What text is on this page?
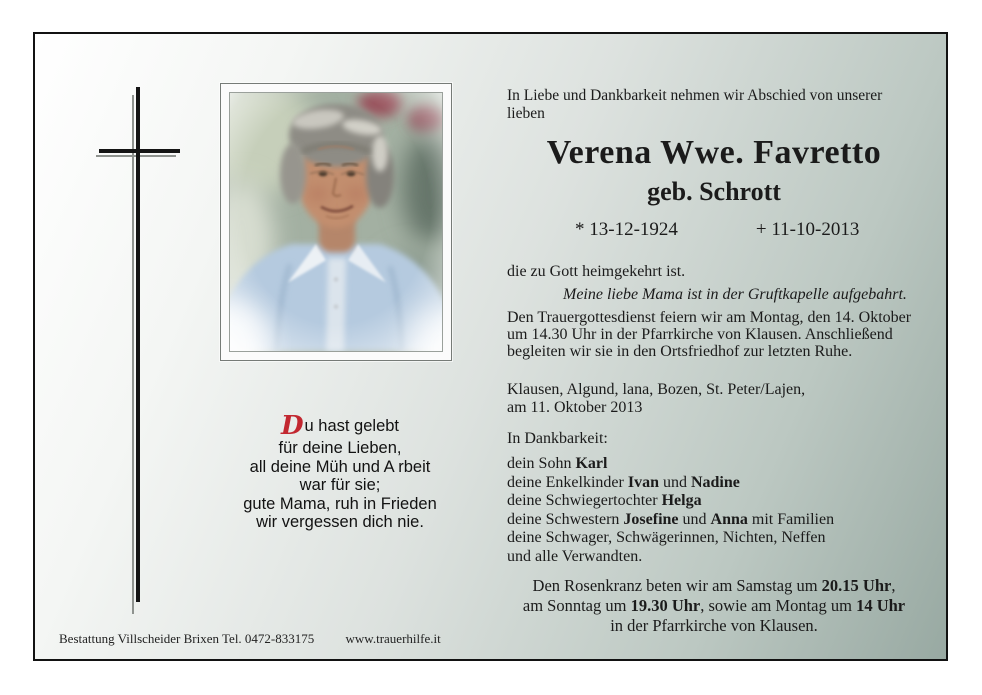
Du hast gelebt
für deine Lieben,
all deine Müh und A rbeit
war für sie;
gute Mama, ruh in Frieden
wir vergessen dich nie.
In Liebe und Dankbarkeit nehmen wir Abschied von unserer lieben
Verena Wwe. Favretto
geb. Schrott
* 13-12-1924	+ 11-10-2013
die zu Gott heimgekehrt ist.
Meine liebe Mama ist in der Gruftkapelle aufgebahrt.
Den Trauergottesdienst feiern wir am Montag, den 14. Oktober
um 14.30 Uhr in der Pfarrkirche von Klausen. Anschließend
begleiten wir sie in den Ortsfriedhof zur letzten Ruhe.
Klausen, Algund, lana, Bozen, St. Peter/Lajen,
am 11. Oktober 2013
In Dankbarkeit:
dein Sohn Karl
deine Enkelkinder Ivan und Nadine
deine Schwiegertochter Helga
deine Schwestern Josefine und Anna mit Familien
deine Schwager, Schwägerinnen, Nichten, Neffen
und alle Verwandten.
Den Rosenkranz beten wir am Samstag um 20.15 Uhr,
am Sonntag um 19.30 Uhr, sowie am Montag um 14 Uhr
in der Pfarrkirche von Klausen.
Bestattung Villscheider Brixen Tel. 0472-833175 www.trauerhilfe.it
